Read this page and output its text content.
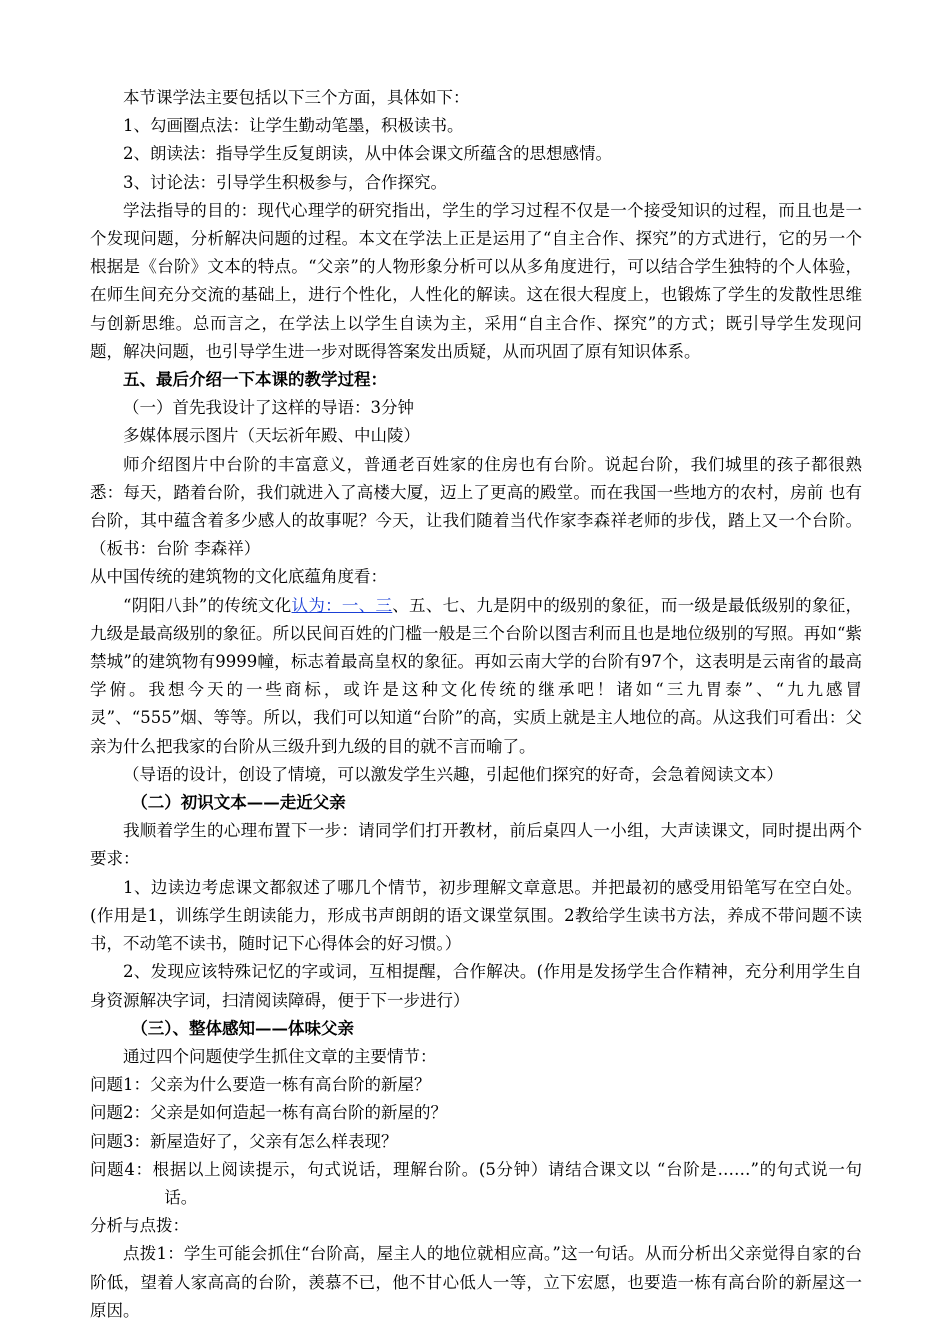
本节课学法主要包括以下三个方面，具体如下：

1、勾画圈点法：让学生勤动笔墨，积极读书。

2、朗读法：指导学生反复朗读，从中体会课文所蕴含的思想感情。

3、讨论法：引导学生积极参与，合作探究。

学法指导的目的：现代心理学的研究指出，学生的学习过程不仅是一个接受知识的过程，而且也是一个发现问题，分析解决问题的过程。本文在学法上正是运用了“自主合作、探究”的方式进行，它的另一个根据是《台阶》文本的特点。“父亲”的人物形象分析可以从多角度进行，可以结合学生独特的个人体验，在师生间充分交流的基础上，进行个性化，人性化的解读。这在很大程度上，也锻炼了学生的发散性思维与创新思维。总而言之，在学法上以学生自读为主，采用“自主合作、探究”的方式；既引导学生发现问题，解决问题，也引导学生进一步对既得答案发出质疑，从而巩固了原有知识体系。

五、最后介绍一下本课的教学过程：

（一）首先我设计了这样的导语：3分钟

多媒体展示图片（天坛祈年殿、中山陵）

师介绍图片中台阶的丰富意义，普通老百姓家的住房也有台阶。说起台阶，我们城里的孩子都很熟悉：每天，踏着台阶，我们就进入了高楼大厦，迈上了更高的殿堂。而在我国一些地方的农村，房前 也有台阶，其中蕴含着多少感人的故事呢？今天，让我们随着当代作家李森祥老师的步伐，踏上又一个台阶。（板书：台阶 李森祥）

从中国传统的建筑物的文化底蕴角度看：

“阴阳八卦”的传统文化认为：一、三、五、七、九是阴中的级别的象征，而一级是最低级别的象征，九级是最高级别的象征。所以民间百姓的门槛一般是三个台阶以图吉利而且也是地位级别的写照。再如“紫禁城”的建筑物有9999幢，标志着最高皇权的象征。再如云南大学的台阶有97个，这表明是云南省的最高学俯。我想今天的一些商标，或许是这种文化传统的继承吧！诸如“三九胃泰”、“九九感冒灵”、“555”烟、等等。所以，我们可以知道“台阶”的高，实质上就是主人地位的高。从这我们可看出：父亲为什么把我家的台阶从三级升到九级的目的就不言而喻了。

（导语的设计，创设了情境，可以激发学生兴趣，引起他们探究的好奇，会急着阅读文本）

（二）初识文本——走近父亲

我顺着学生的心理布置下一步：请同学们打开教材，前后桌四人一小组，大声读课文，同时提出两个要求：

1、边读边考虑课文都叙述了哪几个情节，初步理解文章意思。并把最初的感受用铅笔写在空白处。(作用是1，训练学生朗读能力，形成书声朗朗的语文课堂氛围。2教给学生读书方法，养成不带问题不读书，不动笔不读书，随时记下心得体会的好习惯。）

2、发现应该特殊记忆的字或词，互相提醒，合作解决。(作用是发扬学生合作精神，充分利用学生自身资源解决字词，扫清阅读障碍，便于下一步进行）

（三）、整体感知——体味父亲

通过四个问题使学生抓住文章的主要情节：

问题1：父亲为什么要造一栋有高台阶的新屋？

问题2：父亲是如何造起一栋有高台阶的新屋的？

问题3：新屋造好了，父亲有怎么样表现？

问题4：根据以上阅读提示，句式说话，理解台阶。(5分钟）请结合课文以 “台阶是……”的句式说一句话。

分析与点拨：

点拨1：学生可能会抓住“台阶高，屋主人的地位就相应高。”这一句话。从而分析出父亲觉得自家的台阶低，望着人家高高的台阶，羡慕不已，他不甘心低人一等，立下宏愿，也要造一栋有高台阶的新屋这一原因。
